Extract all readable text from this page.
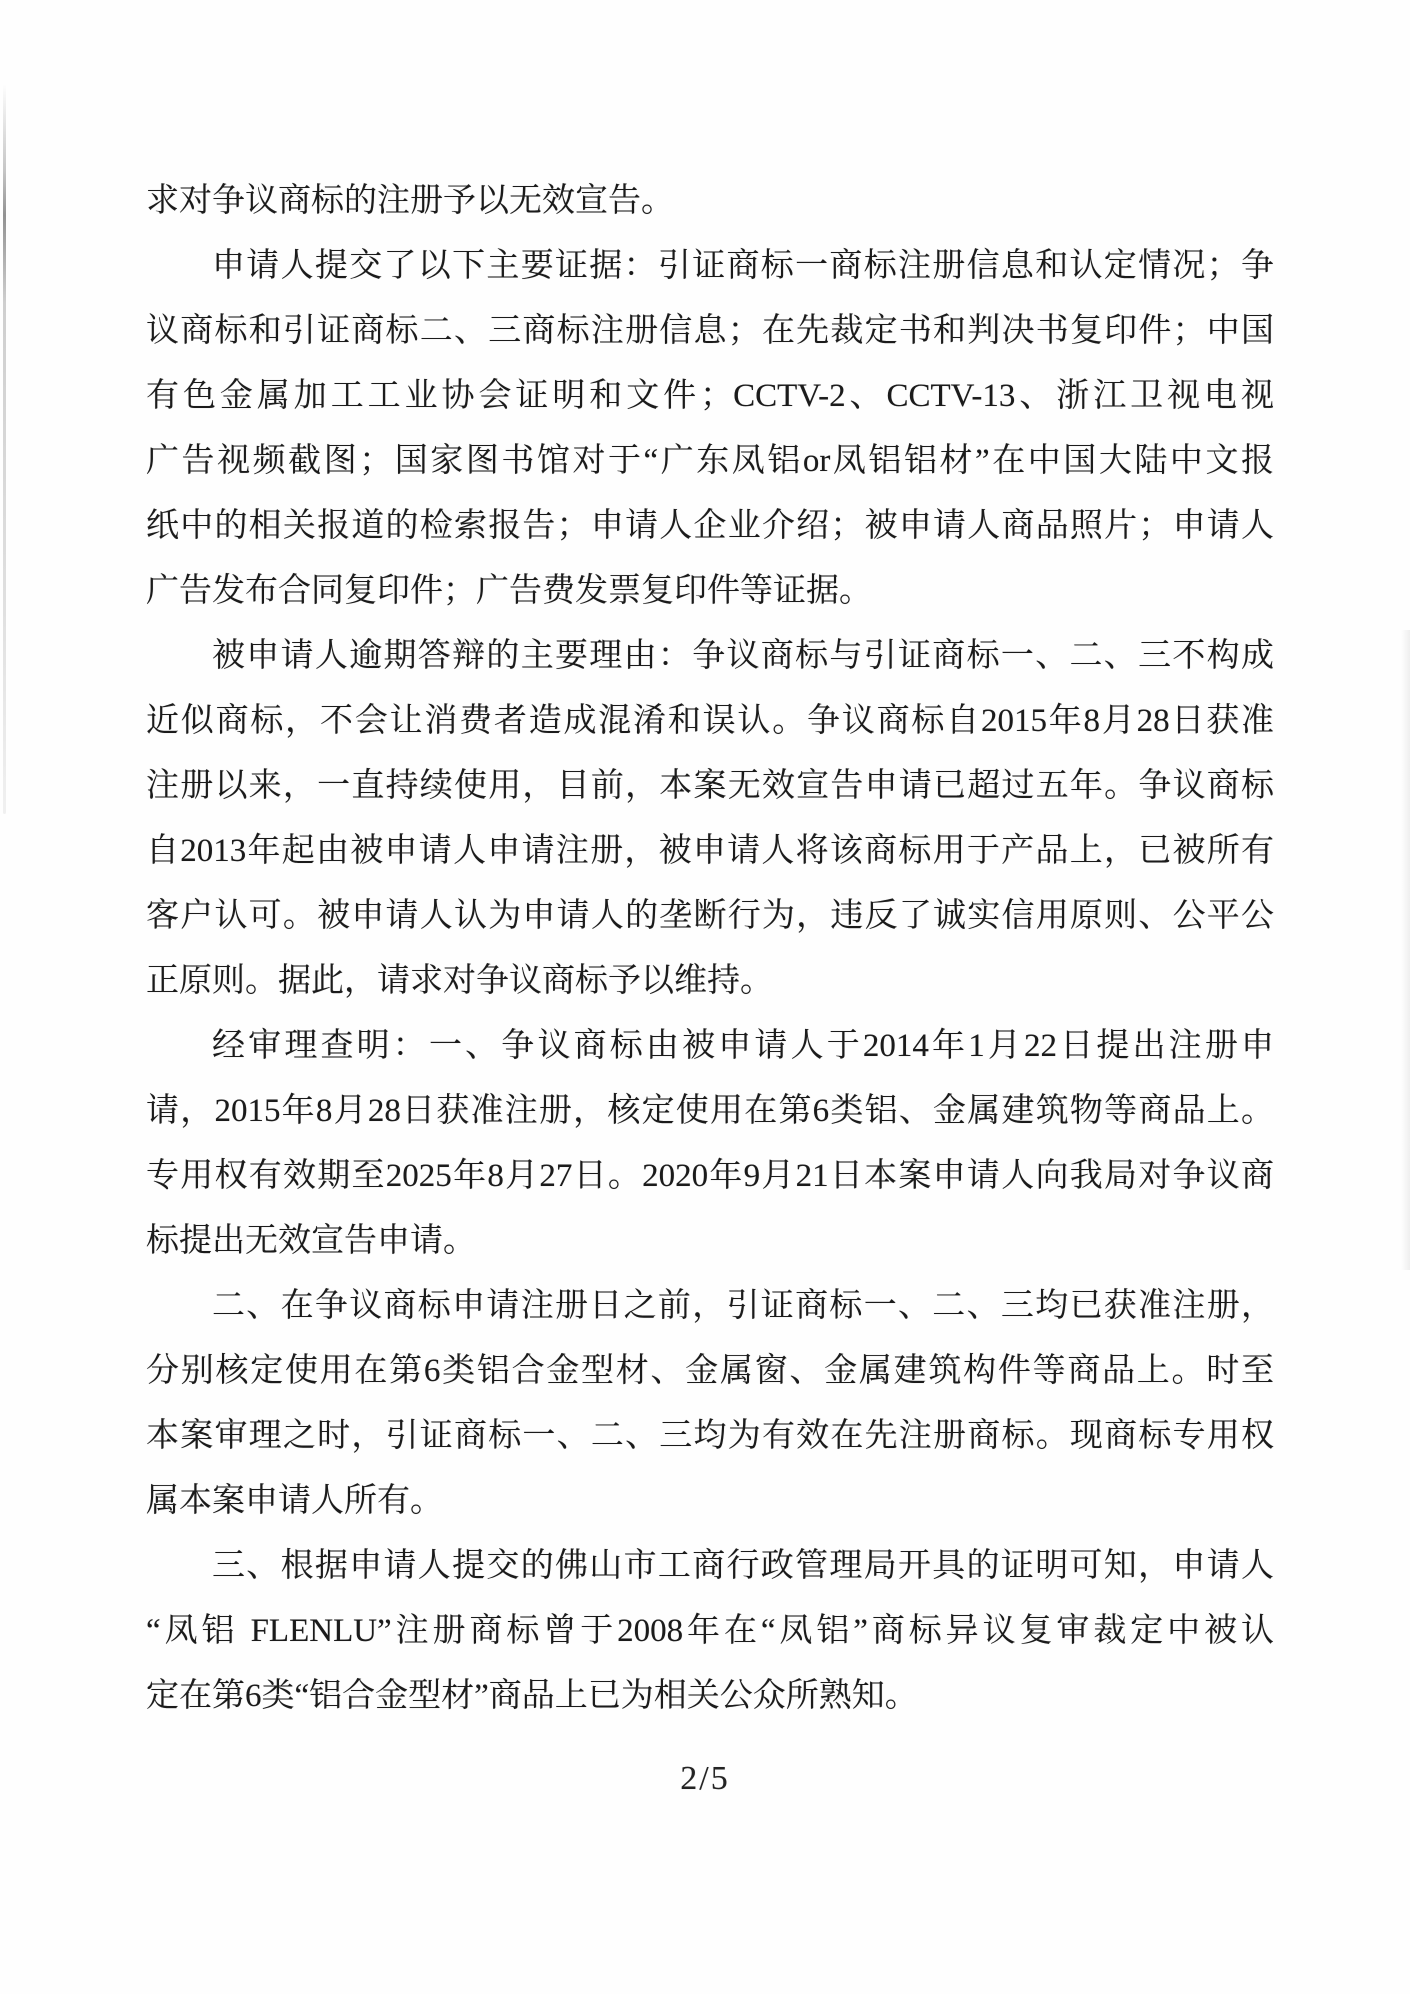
求对争议商标的注册予以无效宣告。
申请人提交了以下主要证据：引证商标一商标注册信息和认定情况；争
议商标和引证商标二、三商标注册信息；在先裁定书和判决书复印件；中国
有色金属加工工业协会证明和文件；CCTV-2、CCTV-13、浙江卫视电视
广告视频截图；国家图书馆对于“广东凤铝or凤铝铝材”在中国大陆中文报
纸中的相关报道的检索报告；申请人企业介绍；被申请人商品照片；申请人
广告发布合同复印件；广告费发票复印件等证据。
被申请人逾期答辩的主要理由：争议商标与引证商标一、二、三不构成
近似商标，不会让消费者造成混淆和误认。争议商标自2015年8月28日获准
注册以来，一直持续使用，目前，本案无效宣告申请已超过五年。争议商标
自2013年起由被申请人申请注册，被申请人将该商标用于产品上，已被所有
客户认可。被申请人认为申请人的垄断行为，违反了诚实信用原则、公平公
正原则。据此，请求对争议商标予以维持。
经审理查明：一、争议商标由被申请人于2014年1月22日提出注册申
请，2015年8月28日获准注册，核定使用在第6类铝、金属建筑物等商品上。
专用权有效期至2025年8月27日。2020年9月21日本案申请人向我局对争议商
标提出无效宣告申请。
二、在争议商标申请注册日之前，引证商标一、二、三均已获准注册，
分别核定使用在第6类铝合金型材、金属窗、金属建筑构件等商品上。时至
本案审理之时，引证商标一、二、三均为有效在先注册商标。现商标专用权
属本案申请人所有。
三、根据申请人提交的佛山市工商行政管理局开具的证明可知，申请人
“凤铝 FLENLU”注册商标曾于2008年在“凤铝”商标异议复审裁定中被认
定在第6类“铝合金型材”商品上已为相关公众所熟知。
2/5
